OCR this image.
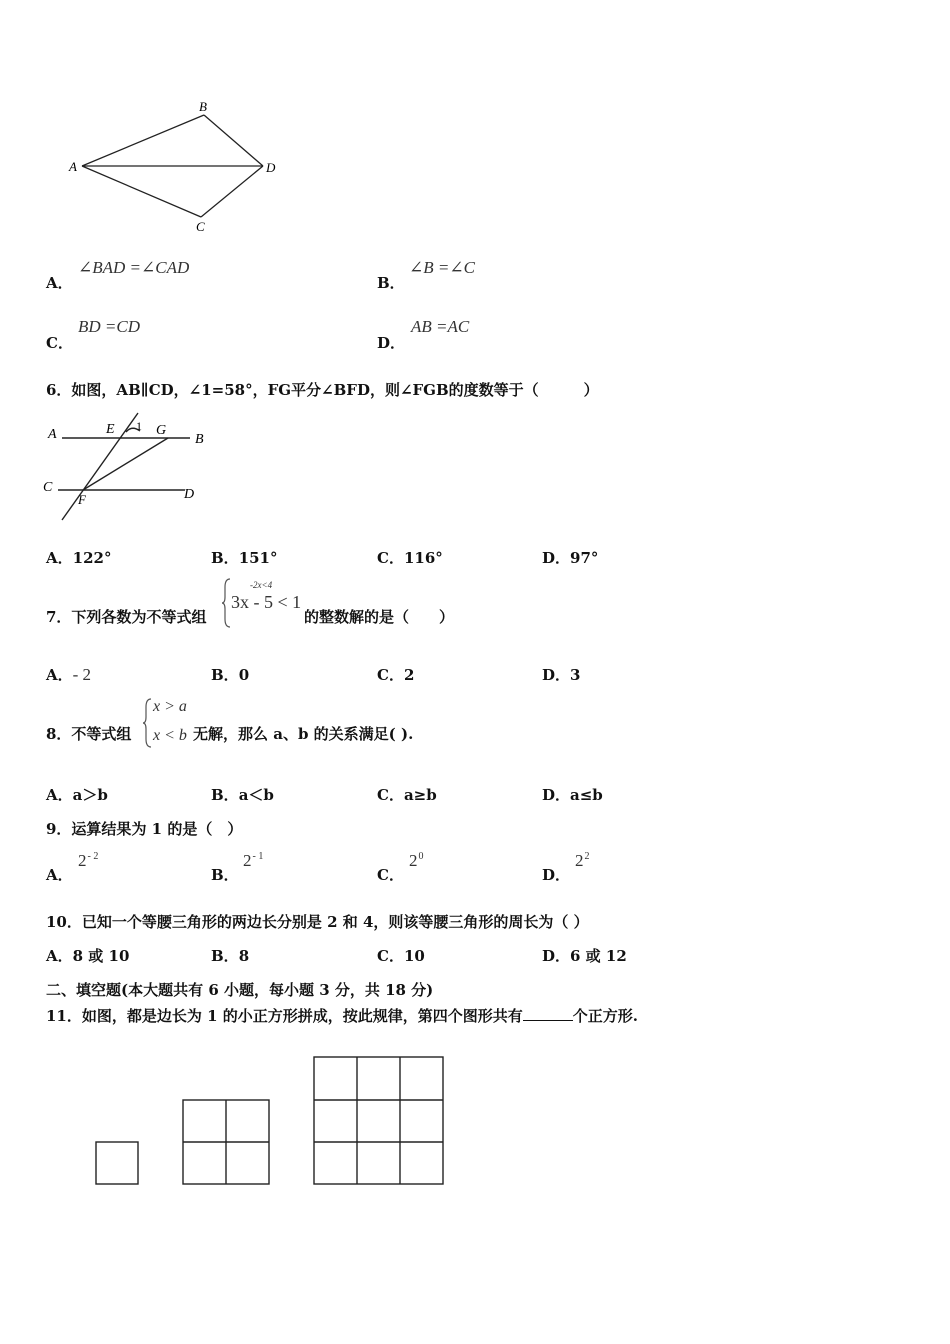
A
B
C
D
A．
∠BAD =∠CAD
B．
∠B =∠C
C．
BD =CD
D．
AB =AC
6．如图，AB∥CD，∠1=58°，FG平分∠BFD，则∠FGB的度数等于（　　　）
A	E 1 G
B
C
F	D
A．122°	B．151°	C．116°	D．97°
7．下列各数为不等式组
-2x<4
3x - 5 < 1
的整数解的是（　　）
A．- 2	B．0	C．2	D．3
8．不等式组
x > a
x < b 无解，那么 a、b 的关系满足( ).
A．a＞b	B．a＜b	C．a≥b	D．a≤b
9．运算结果为 1 的是（　）
A．
$2^{- 2}$
B．
$2^{- 1}$
C．
$2^0$
D．
$2^2$
10．已知一个等腰三角形的两边长分别是 2 和 4，则该等腰三角形的周长为（ ）
A．8 或 10	B．8	C．10	D．6 或 12
二、填空题(本大题共有 6 小题，每小题 3 分，共 18 分)
11．如图，都是边长为 1 的小正方形拼成，按此规律，第四个图形共有	个正方形.
